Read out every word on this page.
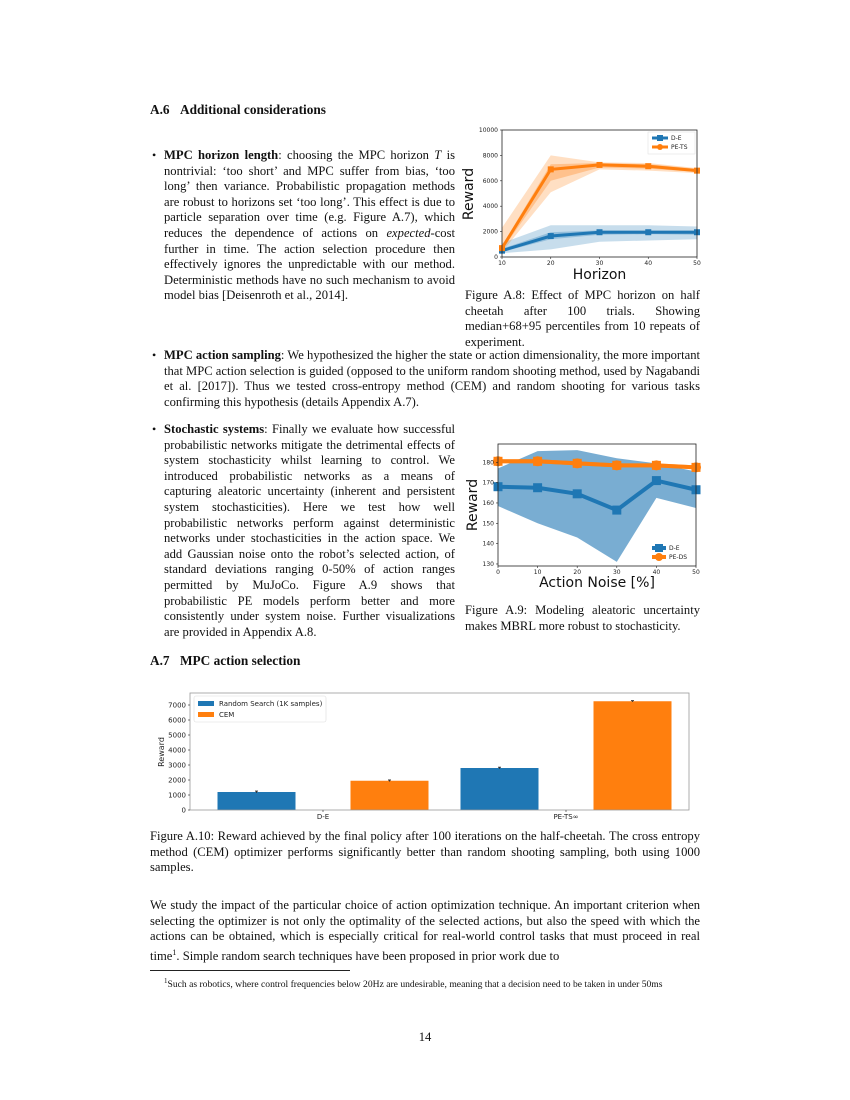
A.6 Additional considerations
• MPC horizon length: choosing the MPC horizon T is nontrivial: ‘too short’ and MPC suffer from bias, ‘too long’ then variance. Probabilistic propagation methods are robust to horizons set ‘too long’. This effect is due to particle separation over time (e.g. Figure A.7), which reduces the dependence of actions on expected-cost further in time. The action selection procedure then effectively ignores the unpredictable with our method. Deterministic methods have no such mechanism to avoid model bias [Deisenroth et al., 2014].
10	20	30	40	50
0
2000
4000
6000
8000
10000
Reward
Horizon
D-E
PE-TS
Figure A.8: Effect of MPC horizon on half cheetah after 100 trials. Showing median+68+95 percentiles from 10 repeats of experiment.
• MPC action sampling: We hypothesized the higher the state or action dimensionality, the more important that MPC action selection is guided (opposed to the uniform random shooting method, used by Nagabandi et al. [2017]). Thus we tested cross-entropy method (CEM) and random shooting for various tasks confirming this hypothesis (details Appendix A.7).
• Stochastic systems: Finally we evaluate how successful probabilistic networks mitigate the detrimental effects of system stochasticity whilst learning to control. We introduced probabilistic networks as a means of capturing aleatoric uncertainty (inherent and persistent system stochasticities). Here we test how well probabilistic networks perform against deterministic networks under stochasticities in the action space. We add Gaussian noise onto the robot’s selected action, of standard deviations ranging 0-50% of action ranges permitted by MuJoCo. Figure A.9 shows that probabilistic PE models perform better and more consistently under system noise. Further visualizations are provided in Appendix A.8.
0	10	20	30	40	50
130
140
150
160
170
180
Reward
Action Noise [%]
D-E
PE-DS
Figure A.9: Modeling aleatoric uncertainty makes MBRL more robust to stochasticity.
A.7 MPC action selection
0
1000
2000
3000
4000
5000
6000
7000
D-E	PE-TS∞
Reward
Random Search (1K samples)
CEM
Figure A.10: Reward achieved by the final policy after 100 iterations on the half-cheetah. The cross entropy method (CEM) optimizer performs significantly better than random shooting sampling, both using 1000 samples.
We study the impact of the particular choice of action optimization technique. An important criterion when selecting the optimizer is not only the optimality of the selected actions, but also the speed with which the actions can be obtained, which is especially critical for real-world control tasks that must proceed in real time$^1$. Simple random search techniques have been proposed in prior work due to
$^1$Such as robotics, where control frequencies below 20Hz are undesirable, meaning that a decision need to be taken in under 50ms
14
